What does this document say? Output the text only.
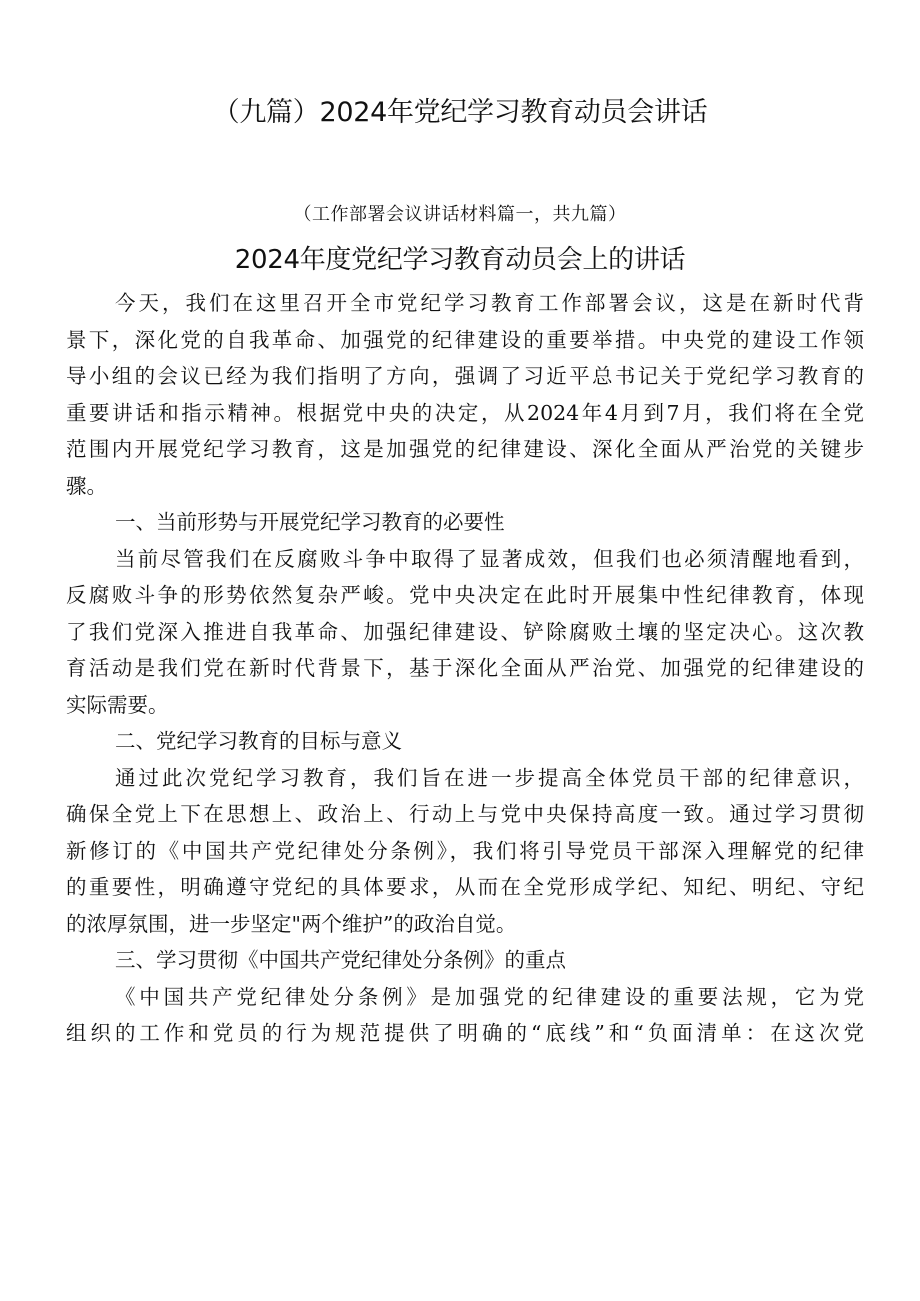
（九篇）2024年党纪学习教育动员会讲话
（工作部署会议讲话材料篇一，共九篇）
2024年度党纪学习教育动员会上的讲话
今天，我们在这里召开全市党纪学习教育工作部署会议，这是在新时代背
景下，深化党的自我革命、加强党的纪律建设的重要举措。中央党的建设工作领
导小组的会议已经为我们指明了方向，强调了习近平总书记关于党纪学习教育的
重要讲话和指示精神。根据党中央的决定，从2024年4月到7月，我们将在全党
范围内开展党纪学习教育，这是加强党的纪律建设、深化全面从严治党的关键步
骤。
一、当前形势与开展党纪学习教育的必要性
当前尽管我们在反腐败斗争中取得了显著成效，但我们也必须清醒地看到，
反腐败斗争的形势依然复杂严峻。党中央决定在此时开展集中性纪律教育，体现
了我们党深入推进自我革命、加强纪律建设、铲除腐败土壤的坚定决心。这次教
育活动是我们党在新时代背景下，基于深化全面从严治党、加强党的纪律建设的
实际需要。
二、党纪学习教育的目标与意义
通过此次党纪学习教育，我们旨在进一步提高全体党员干部的纪律意识，
确保全党上下在思想上、政治上、行动上与党中央保持高度一致。通过学习贯彻
新修订的《中国共产党纪律处分条例》，我们将引导党员干部深入理解党的纪律
的重要性，明确遵守党纪的具体要求，从而在全党形成学纪、知纪、明纪、守纪
的浓厚氛围，进一步坚定"两个维护”的政治自觉。
三、学习贯彻《中国共产党纪律处分条例》的重点
《中国共产党纪律处分条例》是加强党的纪律建设的重要法规，它为党
组织的工作和党员的行为规范提供了明确的“底线”和“负面清单：在这次党
